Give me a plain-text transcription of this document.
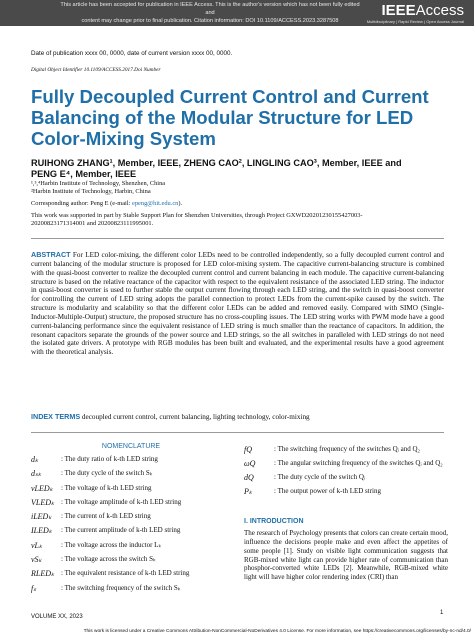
This article has been accepted for publication in IEEE Access. This is the author's version which has not been fully edited and
content may change prior to final publication. Citation information: DOI 10.1109/ACCESS.2023.3287508
IEEEAccess
Multidisciplinary | Rapid Review | Open Access Journal
Date of publication xxxx 00, 0000, date of current version xxxx 00, 0000.
Digital Object Identifier 10.1109/ACCESS.2017.Doi Number
Fully Decoupled Current Control and Current Balancing of the Modular Structure for LED Color-Mixing System
RUIHONG ZHANG¹, Member, IEEE, ZHENG CAO², LINGLING CAO³, Member, IEEE and
PENG E⁴, Member, IEEE
¹,³,⁴Harbin Institute of Technology, Shenzhen, China
²Harbin Institute of Technology, Harbin, China
Corresponding author: Peng E (e-mail: epeng@hit.edu.cn).
This work was supported in part by Stable Support Plan for Shenzhen Universities, through Project GXWD20201230155427003-
20200823171314001 and 20200823111995001.
ABSTRACT For LED color-mixing, the different color LEDs need to be controlled independently, so a fully decoupled current control and current balancing of the modular structure is proposed for LED color-mixing system. The capacitive current-balancing structure is combined with the quasi-boost converter to realize the decoupled current control and current balancing in each module. The capacitive current-balancing structure is based on the relative reactance of the capacitor with respect to the equivalent resistance of the associated LED string. The inductor in quasi-boost converter is used to further stable the output current flowing through each LED string, and the switch in quasi-boost converter for controlling the current of LED string adopts the parallel connection to protect LEDs from the current-spike caused by the switch. The structure is modularity and scalability so that the different color LEDs can be added and removed easily. Compared with SIMO (Single-Inductor-Multiple-Output) structure, the proposed structure has no cross-coupling issues. The LED string works with PWM mode have a good current-balancing performance since the equivalent resistance of LED string is much smaller than the reactance of capacitors. In addition, the resonant capacitors separate the grounds of the power source and LED strings, so the all switches in paralleled with LED strings do not need the isolated gate drivers. A prototype with RGB modules has been built and evaluated, and the experimental results have a good agreement with the theoretical analysis.
INDEX TERMS decoupled current control, current balancing, lighting technology, color-mixing
NOMENCLATURE
dₖ	: The duty ratio of k-th LED string
dₛₖ	: The duty cycle of the switch Sₖ
vLEDₖ	: The voltage of k-th LED string
VLEDₖ : The voltage amplitude of k-th LED string
iLEDₖ	: The current of k-th LED string
ILEDₖ	: The current amplitude of k-th LED string
vLₖ	: The voltage across the inductor Lₖ
vSₖ	: The voltage across the switch Sₖ
RLEDₖ : The equivalent resistance of k-th LED string
fₛ	: The switching frequency of the switch Sₖ
fQ	: The switching frequency of the switches Qᵢ and Q₂
ωQ	: The angular switching frequency of the switches Qᵢ and Q₂
dQ	: The duty cycle of the switch Qᵢ
Pₖ	: The output power of k-th LED string
I. INTRODUCTION
The research of Psychology presents that colors can create certain mood, influence the decisions people make and even affect the appetites of some people [1]. Study on visible light communication suggests that RGB-mixed white light can provide higher rate of communication than phosphor-converted white LEDs [2]. Meanwhile, RGB-mixed white light will have higher color rendering index (CRI) than
VOLUME XX, 2023
1
This work is licensed under a Creative Commons Attribution-NonCommercial-NoDerivatives 4.0 License. For more information, see https://creativecommons.org/licenses/by-nc-nd/4.0/
